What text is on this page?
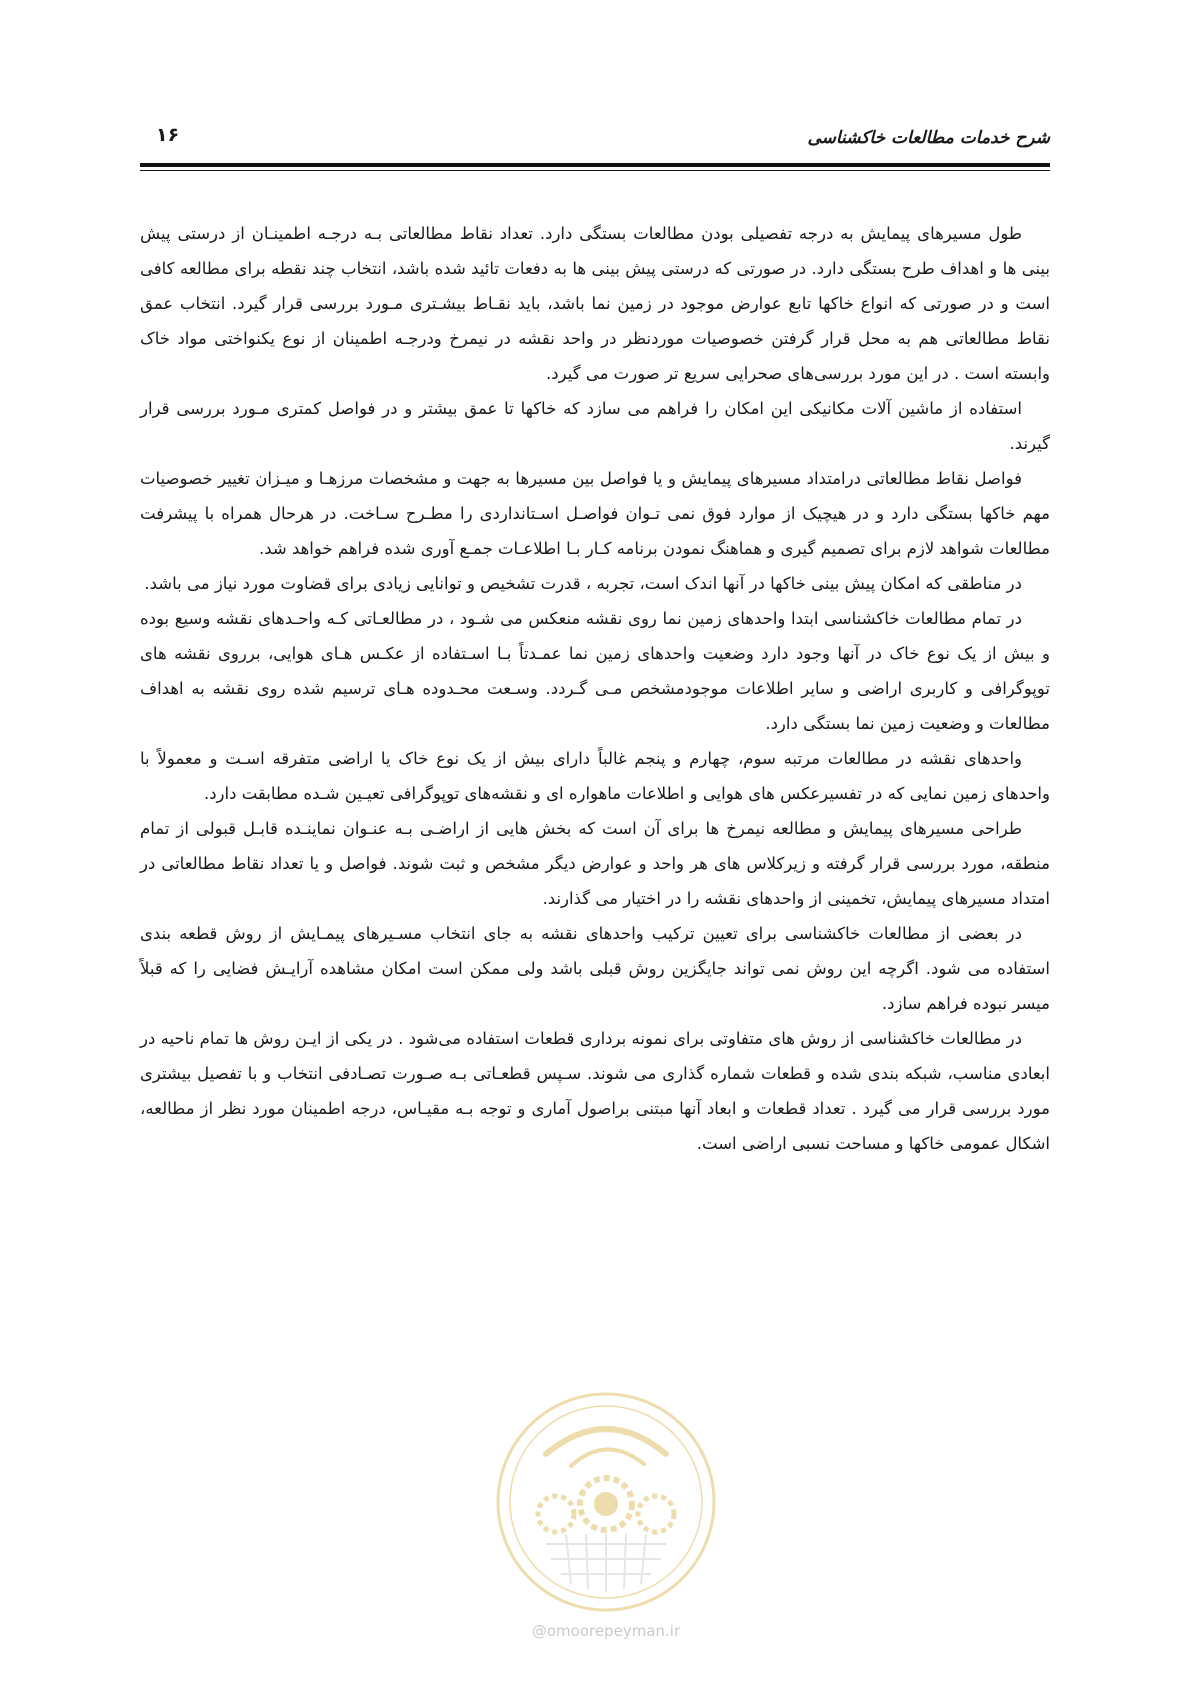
شرح خدمات مطالعات خاکشناسی
۱۶

طول مسیرهای پیمایش به درجه تفصیلی بودن مطالعات بستگی دارد. تعداد نقاط مطالعاتی بـه درجـه اطمینـان از درستی پیش بینی ها و اهداف طرح بستگی دارد. در صورتی که درستی پیش بینی ها به دفعات تائید شده باشد، انتخاب چند نقطه برای مطالعه کافی است و در صورتی که انواع خاکها تابع عوارض موجود در زمین نما باشد، باید نقـاط بیشـتری مـورد بررسی قرار گیرد. انتخاب عمق نقاط مطالعاتی هم به محل قرار گرفتن خصوصیات موردنظر در واحد نقشه در نیمرخ ودرجـه اطمینان از نوع یکنواختی مواد خاک وابسته است . در این مورد بررسی‌های صحرایی سریع تر صورت می گیرد.

استفاده از ماشین آلات مکانیکی این امکان را فراهم می سازد که خاکها تا عمق بیشتر و در فواصل کمتری مـورد بررسی قرار گیرند.

فواصل نقاط مطالعاتی درامتداد مسیرهای پیمایش و یا فواصل بین مسیرها به جهت و مشخصات مرزهـا و میـزان تغییر خصوصیات مهم خاکها بستگی دارد و در هیچیک از موارد فوق نمی تـوان فواصـل اسـتانداردی را مطـرح سـاخت. در هرحال همراه با پیشرفت مطالعات شواهد لازم برای تصمیم گیری و هماهنگ نمودن برنامه کـار بـا اطلاعـات جمـع آوری شده فراهم خواهد شد.

در مناطقی که امکان پیش بینی خاکها در آنها اندک است، تجربه ، قدرت تشخیص و توانایی زیادی برای قضاوت مورد نیاز می باشد.

در تمام مطالعات خاکشناسی ابتدا واحدهای زمین نما روی نقشه منعکس می شـود ، در مطالعـاتی کـه واحـدهای نقشه وسیع بوده و بیش از یک نوع خاک در آنها وجود دارد وضعیت واحدهای زمین نما عمـدتاً بـا اسـتفاده از عکـس هـای هوایی، برروی نقشه های توپوگرافی و کاربری اراضی و سایر اطلاعات موجودمشخص مـی گـردد. وسـعت محـدوده هـای ترسیم شده روی نقشه به اهداف مطالعات و وضعیت زمین نما بستگی دارد.

واحدهای نقشه در مطالعات مرتبه سوم، چهارم و پنجم غالباً دارای بیش از یک نوع خاک یا اراضی متفرقه اسـت و معمولاً با واحدهای زمین نمایی که در تفسیرعکس های هوایی و اطلاعات ماهواره ای و نقشه‌های توپوگرافی تعیـین شـده مطابقت دارد.

طراحی مسیرهای پیمایش و مطالعه نیمرخ ها برای آن است که بخش هایی از اراضـی بـه عنـوان نماینـده قابـل قبولی از تمام منطقه، مورد بررسی قرار گرفته و زیرکلاس های هر واحد و عوارض دیگر مشخص و ثبت شوند. فواصل و یا تعداد نقاط مطالعاتی در امتداد مسیرهای پیمایش، تخمینی از واحدهای نقشه را در اختیار می گذارند.

در بعضی از مطالعات خاکشناسی برای تعیین ترکیب واحدهای نقشه به جای انتخاب مسـیرهای پیمـایش از روش قطعه بندی استفاده می شود. اگرچه این روش نمی تواند جایگزین روش قبلی باشد ولی ممکن است امکان مشاهده آرایـش فضایی را که قبلاً میسر نبوده فراهم سازد.

در مطالعات خاکشناسی از روش های متفاوتی برای نمونه برداری قطعات استفاده می‌شود . در یکی از ایـن روش ها تمام ناحیه در ابعادی مناسب، شبکه بندی شده و قطعات شماره گذاری می شوند. سـپس قطعـاتی بـه صـورت تصـادفی انتخاب و با تفصیل بیشتری مورد بررسی قرار می گیرد . تعداد قطعات و ابعاد آنها مبتنی براصول آماری و توجه بـه مقیـاس، درجه اطمینان مورد نظر از مطالعه، اشکال عمومی خاکها و مساحت نسبی اراضی است.

@omoorepeyman.ir
